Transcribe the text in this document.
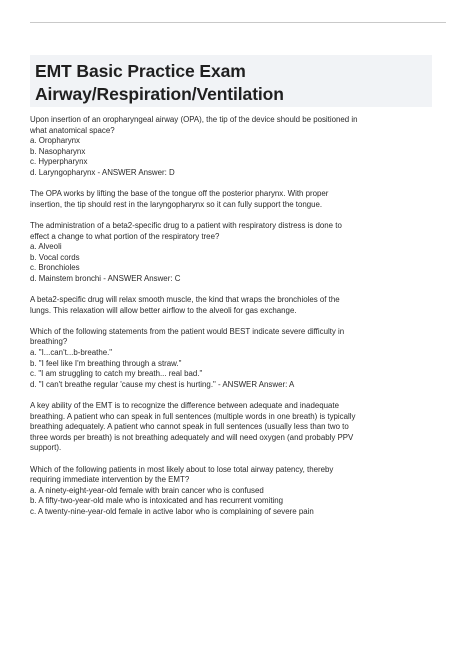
EMT Basic Practice Exam
Airway/Respiration/Ventilation
Upon insertion of an oropharyngeal airway (OPA), the tip of the device should be positioned in
what anatomical space?
a. Oropharynx
b. Nasopharynx
c. Hyperpharynx
d. Laryngopharynx - ANSWER Answer: D
The OPA works by lifting the base of the tongue off the posterior pharynx. With proper
insertion, the tip should rest in the laryngopharynx so it can fully support the tongue.
The administration of a beta2-specific drug to a patient with respiratory distress is done to
effect a change to what portion of the respiratory tree?
a. Alveoli
b. Vocal cords
c. Bronchioles
d. Mainstem bronchi - ANSWER Answer: C
A beta2-specific drug will relax smooth muscle, the kind that wraps the bronchioles of the
lungs. This relaxation will allow better airflow to the alveoli for gas exchange.
Which of the following statements from the patient would BEST indicate severe difficulty in
breathing?
a. "I...can't...b-breathe."
b. "I feel like I'm breathing through a straw."
c. "I am struggling to catch my breath... real bad."
d. "I can't breathe regular 'cause my chest is hurting." - ANSWER Answer: A
A key ability of the EMT is to recognize the difference between adequate and inadequate
breathing. A patient who can speak in full sentences (multiple words in one breath) is typically
breathing adequately. A patient who cannot speak in full sentences (usually less than two to
three words per breath) is not breathing adequately and will need oxygen (and probably PPV
support).
Which of the following patients in most likely about to lose total airway patency, thereby
requiring immediate intervention by the EMT?
a. A ninety-eight-year-old female with brain cancer who is confused
b. A fifty-two-year-old male who is intoxicated and has recurrent vomiting
c. A twenty-nine-year-old female in active labor who is complaining of severe pain
